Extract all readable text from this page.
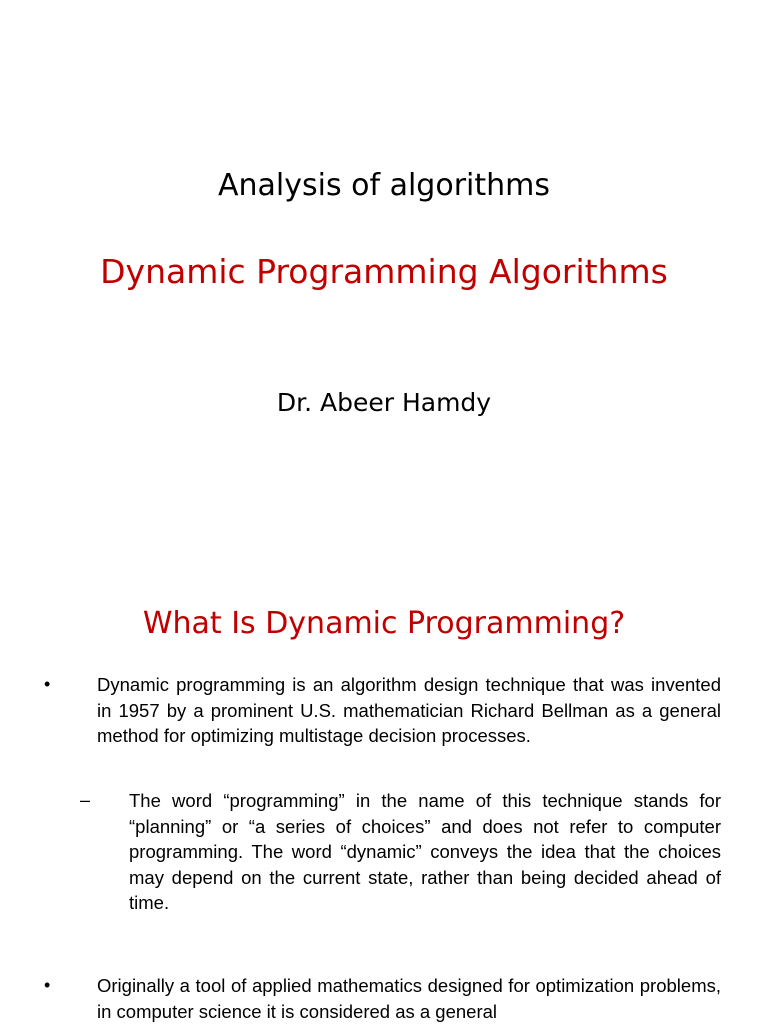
Analysis of algorithms
Dynamic Programming Algorithms
Dr. Abeer Hamdy
What Is Dynamic Programming?
•	Dynamic programming is an algorithm design technique that was invented in 1957 by a prominent U.S. mathematician Richard Bellman as a general method for optimizing multistage decision processes.
– The word “programming” in the name of this technique stands for “planning” or “a series of choices” and does not refer to computer programming. The word “dynamic” conveys the idea that the choices may depend on the current state, rather than being decided ahead of time.
•	Originally a tool of applied mathematics designed for optimization problems, in computer science it is considered as a general
